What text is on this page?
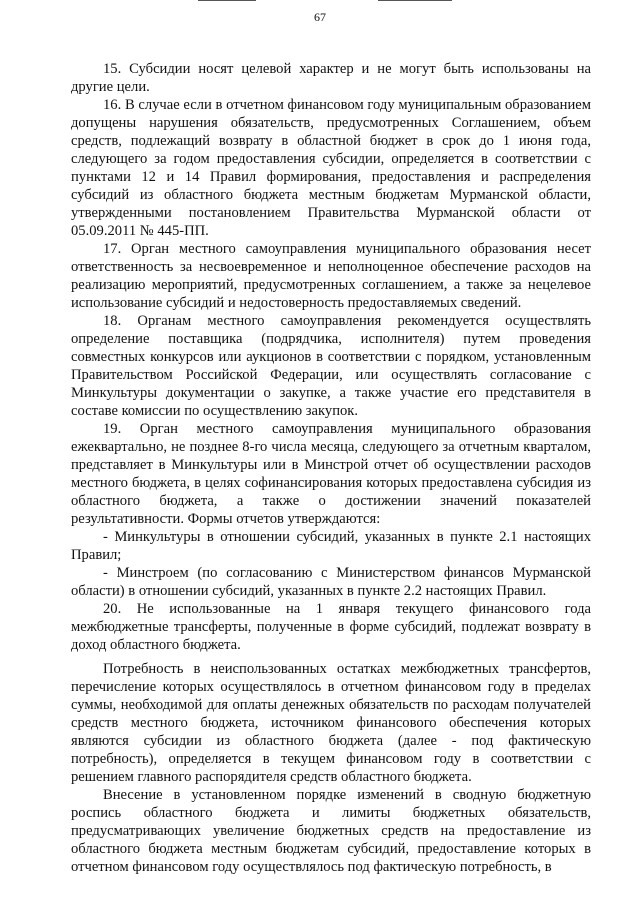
67

15. Субсидии носят целевой характер и не могут быть использованы на другие цели.

16. В случае если в отчетном финансовом году муниципальным образованием допущены нарушения обязательств, предусмотренных Соглашением, объем средств, подлежащий возврату в областной бюджет в срок до 1 июня года, следующего за годом предоставления субсидии, определяется в соответствии с пунктами 12 и 14 Правил формирования, предоставления и распределения субсидий из областного бюджета местным бюджетам Мурманской области, утвержденными постановлением Правительства Мурманской области от 05.09.2011 № 445-ПП.

17. Орган местного самоуправления муниципального образования несет ответственность за несвоевременное и неполноценное обеспечение расходов на реализацию мероприятий, предусмотренных соглашением, а также за нецелевое использование субсидий и недостоверность предоставляемых сведений.

18. Органам местного самоуправления рекомендуется осуществлять определение поставщика (подрядчика, исполнителя) путем проведения совместных конкурсов или аукционов в соответствии с порядком, установленным Правительством Российской Федерации, или осуществлять согласование с Минкультуры документации о закупке, а также участие его представителя в составе комиссии по осуществлению закупок.

19. Орган местного самоуправления муниципального образования ежеквартально, не позднее 8-го числа месяца, следующего за отчетным кварталом, представляет в Минкультуры или в Минстрой отчет об осуществлении расходов местного бюджета, в целях софинансирования которых предоставлена субсидия из областного бюджета, а также о достижении значений показателей результативности. Формы отчетов утверждаются:

- Минкультуры в отношении субсидий, указанных в пункте 2.1 настоящих Правил;

- Минстроем (по согласованию с Министерством финансов Мурманской области) в отношении субсидий, указанных в пункте 2.2 настоящих Правил.

20. Не использованные на 1 января текущего финансового года межбюджетные трансферты, полученные в форме субсидий, подлежат возврату в доход областного бюджета.

Потребность в неиспользованных остатках межбюджетных трансфертов, перечисление которых осуществлялось в отчетном финансовом году в пределах суммы, необходимой для оплаты денежных обязательств по расходам получателей средств местного бюджета, источником финансового обеспечения которых являются субсидии из областного бюджета (далее - под фактическую потребность), определяется в текущем финансовом году в соответствии с решением главного распорядителя средств областного бюджета.

Внесение в установленном порядке изменений в сводную бюджетную роспись областного бюджета и лимиты бюджетных обязательств, предусматривающих увеличение бюджетных средств на предоставление из областного бюджета местным бюджетам субсидий, предоставление которых в отчетном финансовом году осуществлялось под фактическую потребность, в
